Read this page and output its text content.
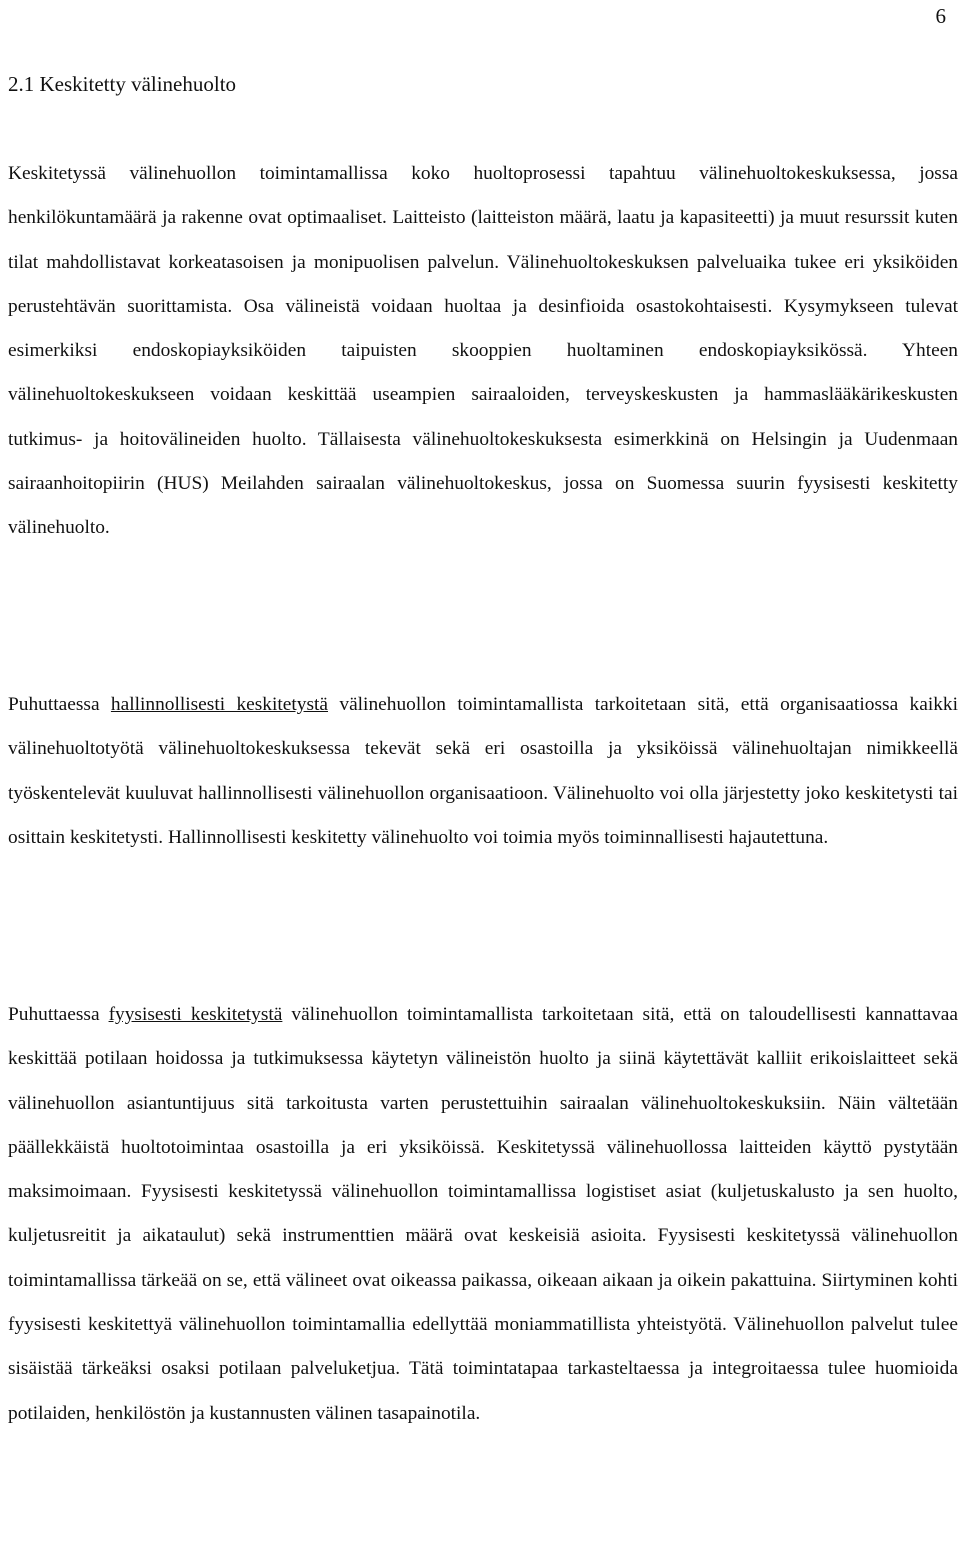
6
2.1 Keskitetty välinehuolto

Keskitetyssä välinehuollon toimintamallissa koko huoltoprosessi tapahtuu välinehuoltokeskuksessa, jossa henkilökuntamäärä ja rakenne ovat optimaaliset. Laitteisto (laitteiston määrä, laatu ja kapasiteetti) ja muut resurssit kuten tilat mahdollistavat korkeatasoisen ja monipuolisen palvelun. Välinehuoltokeskuksen palveluaika tukee eri yksiköiden perustehtävän suorittamista. Osa välineistä voidaan huoltaa ja desinfioida osastokohtaisesti. Kysymykseen tulevat esimerkiksi endoskopiayksiköiden taipuisten skooppien huoltaminen endoskopiayksikössä. Yhteen välinehuoltokeskukseen voidaan keskittää useampien sairaaloiden, terveyskeskusten ja hammaslääkärikeskusten tutkimus- ja hoitovälineiden huolto. Tällaisesta välinehuoltokeskuksesta esimerkkinä on Helsingin ja Uudenmaan sairaanhoitopiirin (HUS) Meilahden sairaalan välinehuoltokeskus, jossa on Suomessa suurin fyysisesti keskitetty välinehuolto.

Puhuttaessa hallinnollisesti keskitetystä välinehuollon toimintamallista tarkoitetaan sitä, että organisaatiossa kaikki välinehuoltotyötä välinehuoltokeskuksessa tekevät sekä eri osastoilla ja yksiköissä välinehuoltajan nimikkeellä työskentelevät kuuluvat hallinnollisesti välinehuollon organisaatioon. Välinehuolto voi olla järjestetty joko keskitetysti tai osittain keskitetysti. Hallinnollisesti keskitetty välinehuolto voi toimia myös toiminnallisesti hajautettuna.

Puhuttaessa fyysisesti keskitetystä välinehuollon toimintamallista tarkoitetaan sitä, että on taloudellisesti kannattavaa keskittää potilaan hoidossa ja tutkimuksessa käytetyn välineistön huolto ja siinä käytettävät kalliit erikoislaitteet sekä välinehuollon asiantuntijuus sitä tarkoitusta varten perustettuihin sairaalan välinehuoltokeskuksiin. Näin vältetään päällekkäistä huoltotoimintaa osastoilla ja eri yksiköissä. Keskitetyssä välinehuollossa laitteiden käyttö pystytään maksimoimaan. Fyysisesti keskitetyssä välinehuollon toimintamallissa logistiset asiat (kuljetuskalusto ja sen huolto, kuljetusreitit ja aikataulut) sekä instrumenttien määrä ovat keskeisiä asioita. Fyysisesti keskitetyssä välinehuollon toimintamallissa tärkeää on se, että välineet ovat oikeassa paikassa, oikeaan aikaan ja oikein pakattuina. Siirtyminen kohti fyysisesti keskitettyä välinehuollon toimintamallia edellyttää moniammatillista yhteistyötä. Välinehuollon palvelut tulee sisäistää tärkeäksi osaksi potilaan palveluketjua. Tätä toimintatapaa tarkasteltaessa ja integroitaessa tulee huomioida potilaiden, henkilöstön ja kustannusten välinen tasapainotila.
